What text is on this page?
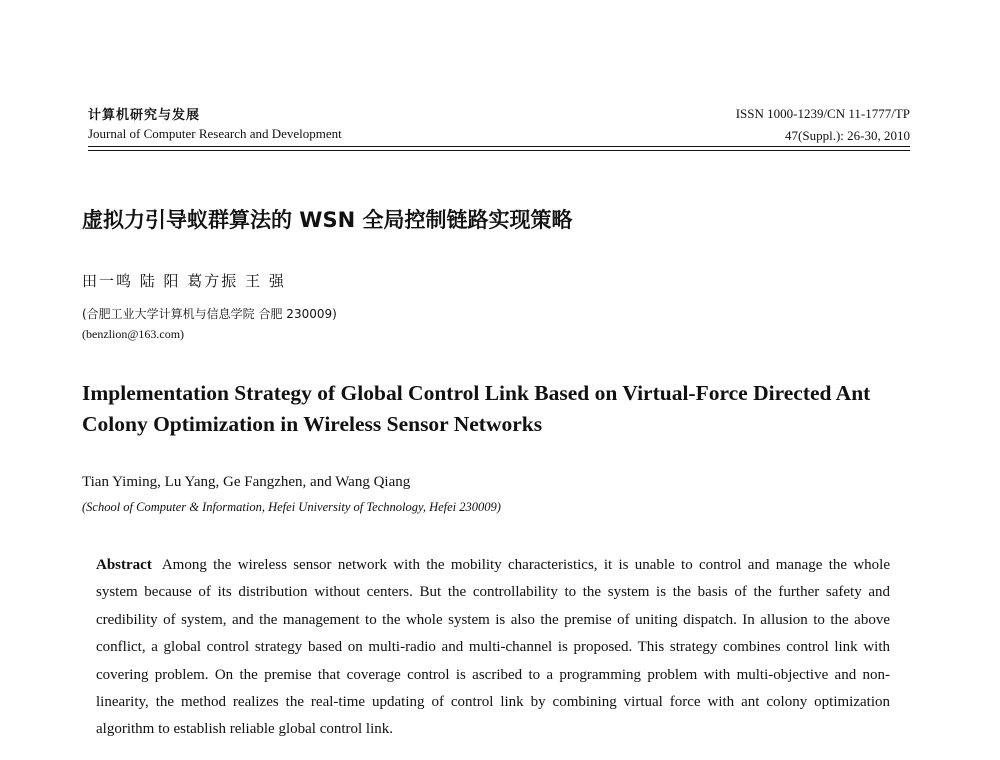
计算机研究与发展
Journal of Computer Research and Development
ISSN 1000-1239/CN 11-1777/TP
47(Suppl.): 26-30, 2010
虚拟力引导蚁群算法的 WSN 全局控制链路实现策略
田一鸣 陆 阳 葛方振 王 强
(合肥工业大学计算机与信息学院 合肥 230009)
(benzlion@163.com)
Implementation Strategy of Global Control Link Based on Virtual-Force Directed Ant Colony Optimization in Wireless Sensor Networks
Tian Yiming, Lu Yang, Ge Fangzhen, and Wang Qiang
(School of Computer & Information, Hefei University of Technology, Hefei 230009)
Abstract Among the wireless sensor network with the mobility characteristics, it is unable to control and manage the whole system because of its distribution without centers. But the controllability to the system is the basis of the further safety and credibility of system, and the management to the whole system is also the premise of uniting dispatch. In allusion to the above conflict, a global control strategy based on multi-radio and multi-channel is proposed. This strategy combines control link with covering problem. On the premise that coverage control is ascribed to a programming problem with multi-objective and non-linearity, the method realizes the real-time updating of control link by combining virtual force with ant colony optimization algorithm to establish reliable global control link.
